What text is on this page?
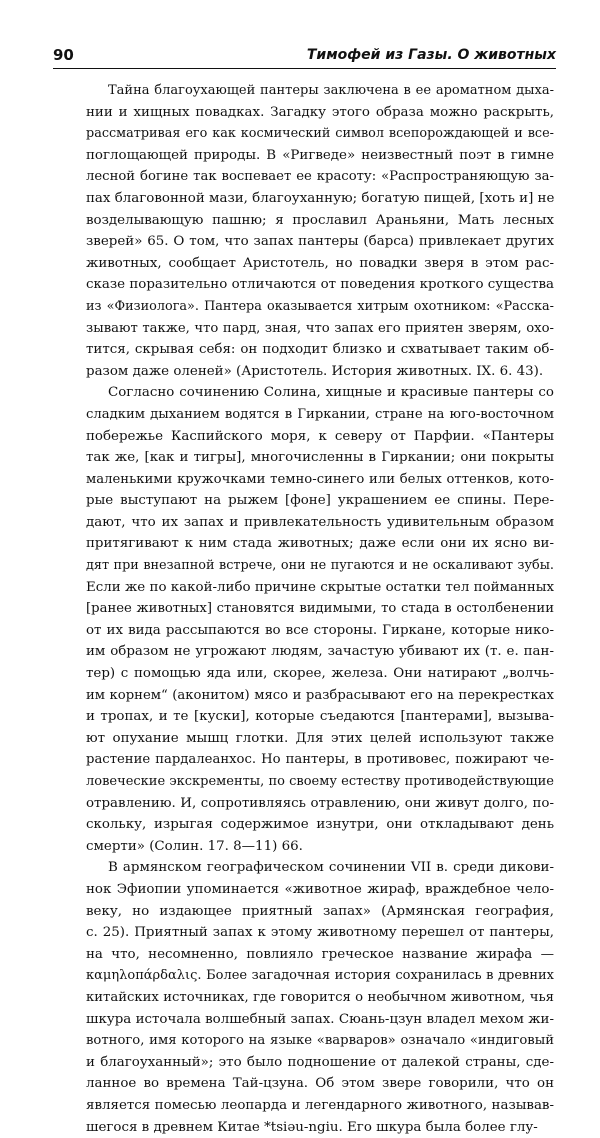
90	Тимофей из Газы. О животных
Тайна благоухающей пантеры заключена в ее ароматном дыха-
нии и хищных повадках. Загадку этого образа можно раскрыть,
рассматривая его как космический символ всепорождающей и все-
поглощающей природы. В «Ригведе» неизвестный поэт в гимне
лесной богине так воспевает ее красоту: «Распространяющую за-
пах благовонной мази, благоуханную; богатую пищей, [хоть и] не
возделывающую пашню; я прославил Араньяни, Мать лесных
зверей» 65. О том, что запах пантеры (барса) привлекает других
животных, сообщает Аристотель, но повадки зверя в этом рас-
сказе поразительно отличаются от поведения кроткого существа
из «Физиолога». Пантера оказывается хитрым охотником: «Расска-
зывают также, что пард, зная, что запах его приятен зверям, охо-
тится, скрывая себя: он подходит близко и схватывает таким об-
разом даже оленей» (Аристотель. История животных. IX. 6. 43).
Согласно сочинению Солина, хищные и красивые пантеры со
сладким дыханием водятся в Гиркании, стране на юго-восточном
побережье Каспийского моря, к северу от Парфии. «Пантеры
так же, [как и тигры], многочисленны в Гиркании; они покрыты
маленькими кружочками темно-синего или белых оттенков, кото-
рые выступают на рыжем [фоне] украшением ее спины. Пере-
дают, что их запах и привлекательность удивительным образом
притягивают к ним стада животных; даже если они их ясно ви-
дят при внезапной встрече, они не пугаются и не оскаливают зубы.
Если же по какой-либо причине скрытые остатки тел пойманных
[ранее животных] становятся видимыми, то стада в остолбенении
от их вида рассыпаются во все стороны. Гиркане, которые нико-
им образом не угрожают людям, зачастую убивают их (т. е. пан-
тер) с помощью яда или, скорее, железа. Они натирают „волчь-
им корнем“ (аконитом) мясо и разбрасывают его на перекрестках
и тропах, и те [куски], которые съедаются [пантерами], вызыва-
ют опухание мышц глотки. Для этих целей используют также
растение пардалеанхос. Но пантеры, в противовес, пожирают че-
ловеческие экскременты, по своему естеству противодействующие
отравлению. И, сопротивляясь отравлению, они живут долго, по-
скольку, изрыгая содержимое изнутри, они откладывают день
смерти» (Солин. 17. 8—11) 66.
В армянском географическом сочинении VII в. среди дикови-
нок Эфиопии упоминается «животное жираф, враждебное чело-
веку, но издающее приятный запах» (Армянская география,
с. 25). Приятный запах к этому животному перешел от пантеры,
на что, несомненно, повлияло греческое название жирафа —
καμηλοπάρδαλις. Более загадочная история сохранилась в древних
китайских источниках, где говорится о необычном животном, чья
шкура источала волшебный запах. Сюань-цзун владел мехом жи-
вотного, имя которого на языке «варваров» означало «индиговый
и благоуханный»; это было подношение от далекой страны, сде-
ланное во времена Тай-цзуна. Об этом звере говорили, что он
является помесью леопарда и легендарного животного, называв-
шегося в древнем Китае *tsiəu-ngiu. Его шкура была более глу-
